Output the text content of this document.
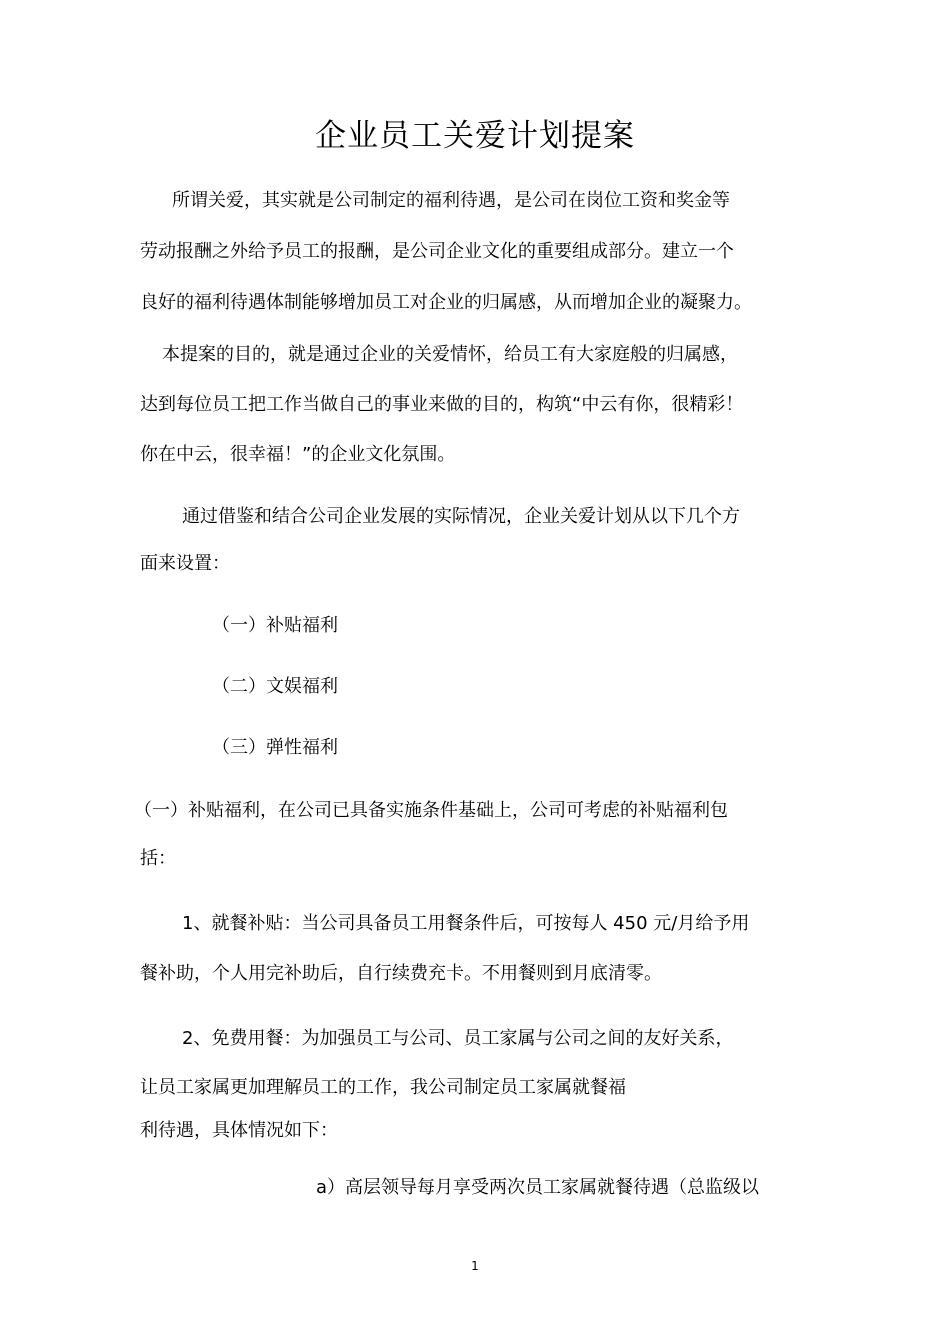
企业员工关爱计划提案

所谓关爱，其实就是公司制定的福利待遇，是公司在岗位工资和奖金等

劳动报酬之外给予员工的报酬，是公司企业文化的重要组成部分。建立一个

良好的福利待遇体制能够增加员工对企业的归属感，从而增加企业的凝聚力。

本提案的目的，就是通过企业的关爱情怀，给员工有大家庭般的归属感，

达到每位员工把工作当做自己的事业来做的目的，构筑“中云有你，很精彩！

你在中云，很幸福！”的企业文化氛围。

通过借鉴和结合公司企业发展的实际情况，企业关爱计划从以下几个方

面来设置：

（一）补贴福利

（二）文娱福利

（三）弹性福利

（一）补贴福利，在公司已具备实施条件基础上，公司可考虑的补贴福利包

括：

1、就餐补贴：当公司具备员工用餐条件后，可按每人 450 元/月给予用

餐补助，个人用完补助后，自行续费充卡。不用餐则到月底清零。

2、免费用餐：为加强员工与公司、员工家属与公司之间的友好关系，

让员工家属更加理解员工的工作，我公司制定员工家属就餐福

利待遇，具体情况如下：

a）高层领导每月享受两次员工家属就餐待遇（总监级以

1
